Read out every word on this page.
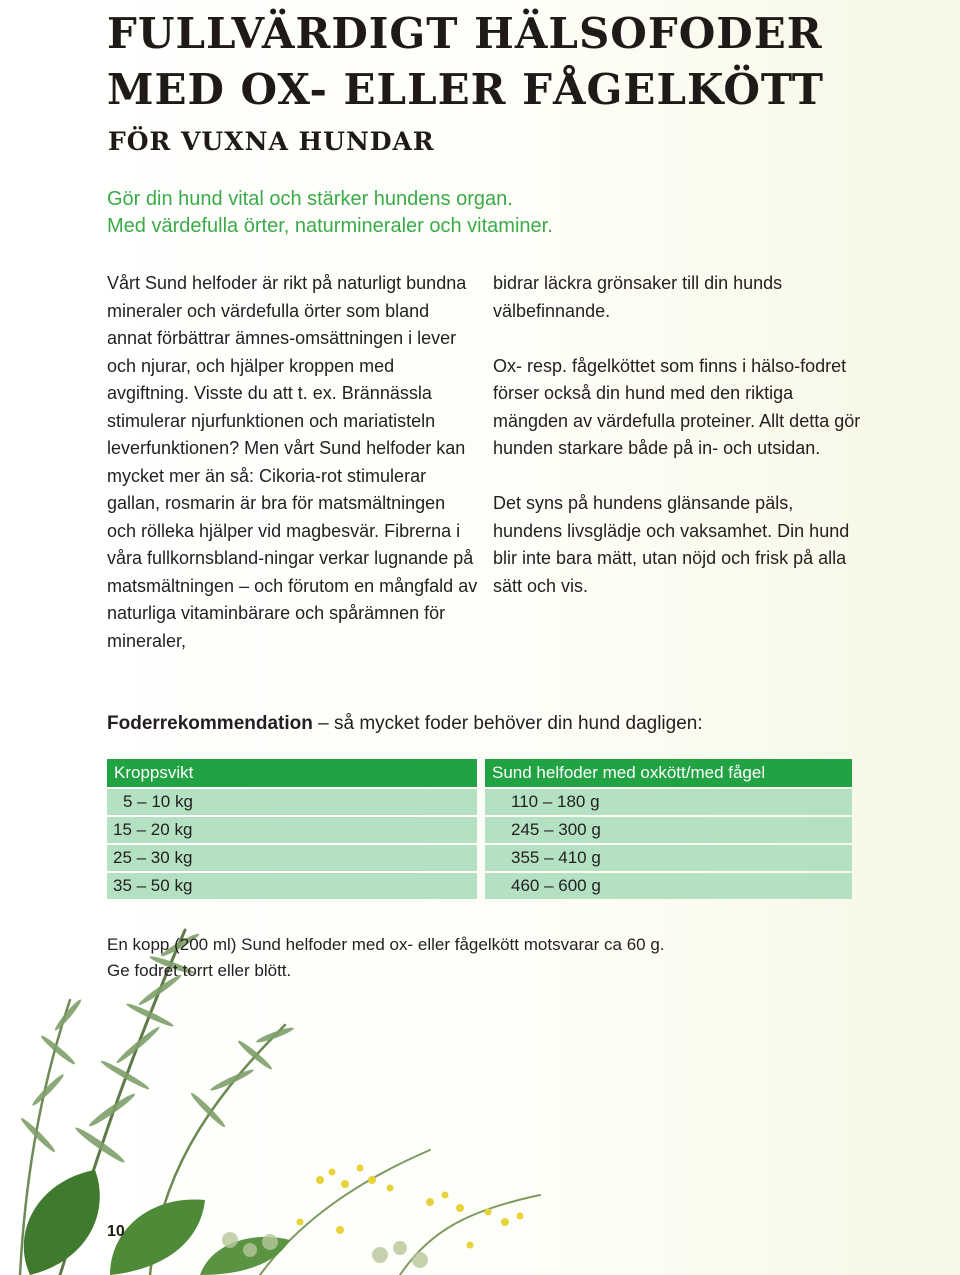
FULLVÄRDIGT HÄLSOFODER
MED OX- ELLER FÅGELKÖTT
FÖR VUXNA HUNDAR
Gör din hund vital och stärker hundens organ.
Med värdefulla örter, naturmineraler och vitaminer.

Vårt Sund helfoder är rikt på naturligt bundna mineraler och värdefulla örter som bland annat förbättrar ämnes-omsättningen i lever och njurar, och hjälper kroppen med avgiftning. Visste du att t. ex. Brännässla stimulerar njurfunktionen och mariatisteln leverfunktionen? Men vårt Sund helfoder kan mycket mer än så: Cikoria-rot stimulerar gallan, rosmarin är bra för matsmältningen och rölleka hjälper vid magbesvär. Fibrerna i våra fullkornsbland-ningar verkar lugnande på matsmältningen – och förutom en mångfald av naturliga vitaminbärare och spårämnen för mineraler,

bidrar läckra grönsaker till din hunds välbefinnande.

Ox- resp. fågelköttet som finns i hälso-fodret förser också din hund med den riktiga mängden av värdefulla proteiner. Allt detta gör hunden starkare både på in- och utsidan.

Det syns på hundens glänsande päls, hundens livsglädje och vaksamhet. Din hund blir inte bara mätt, utan nöjd och frisk på alla sätt och vis.

Foderrekommendation – så mycket foder behöver din hund dagligen:
Kroppsvikt		Sund helfoder med oxkött/med fågel
5 – 10 kg		110 – 180 g
15 – 20 kg		245 – 300 g
25 – 30 kg		355 – 410 g
35 – 50 kg		460 – 600 g
En kopp (200 ml) Sund helfoder med ox- eller fågelkött motsvarar ca 60 g.
Ge fodret torrt eller blött.
10
